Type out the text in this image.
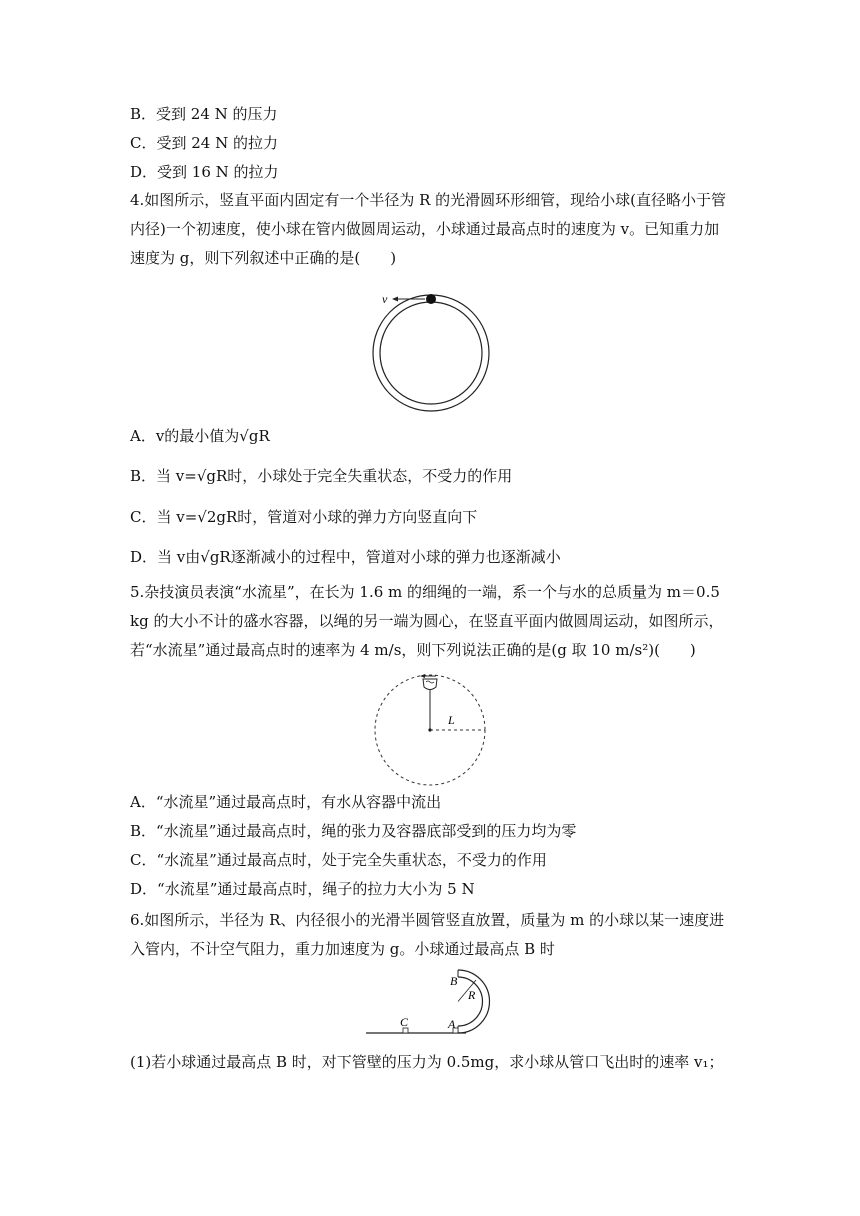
B．受到 24 N 的压力
C．受到 24 N 的拉力
D．受到 16 N 的拉力
4.如图所示，竖直平面内固定有一个半径为 R 的光滑圆环形细管，现给小球(直径略小于管内径)一个初速度，使小球在管内做圆周运动，小球通过最高点时的速度为 v。已知重力加速度为 g，则下列叙述中正确的是(　　)
v
A．v的最小值为√gR
B．当 v=√gR时，小球处于完全失重状态，不受力的作用
C．当 v=√2gR时，管道对小球的弹力方向竖直向下
D．当 v由√gR逐渐减小的过程中，管道对小球的弹力也逐渐减小
5.杂技演员表演“水流星”，在长为 1.6 m 的细绳的一端，系一个与水的总质量为 m＝0.5 kg 的大小不计的盛水容器，以绳的另一端为圆心，在竖直平面内做圆周运动，如图所示，若“水流星”通过最高点时的速率为 4 m/s，则下列说法正确的是(g 取 10 m/s²)(　　)
L
A．“水流星”通过最高点时，有水从容器中流出
B．“水流星”通过最高点时，绳的张力及容器底部受到的压力均为零
C．“水流星”通过最高点时，处于完全失重状态，不受力的作用
D．“水流星”通过最高点时，绳子的拉力大小为 5 N
6.如图所示，半径为 R、内径很小的光滑半圆管竖直放置，质量为 m 的小球以某一速度进入管内，不计空气阻力，重力加速度为 g。小球通过最高点 B 时
B
R
C	A
(1)若小球通过最高点 B 时，对下管壁的压力为 0.5mg，求小球从管口飞出时的速率 v₁；
